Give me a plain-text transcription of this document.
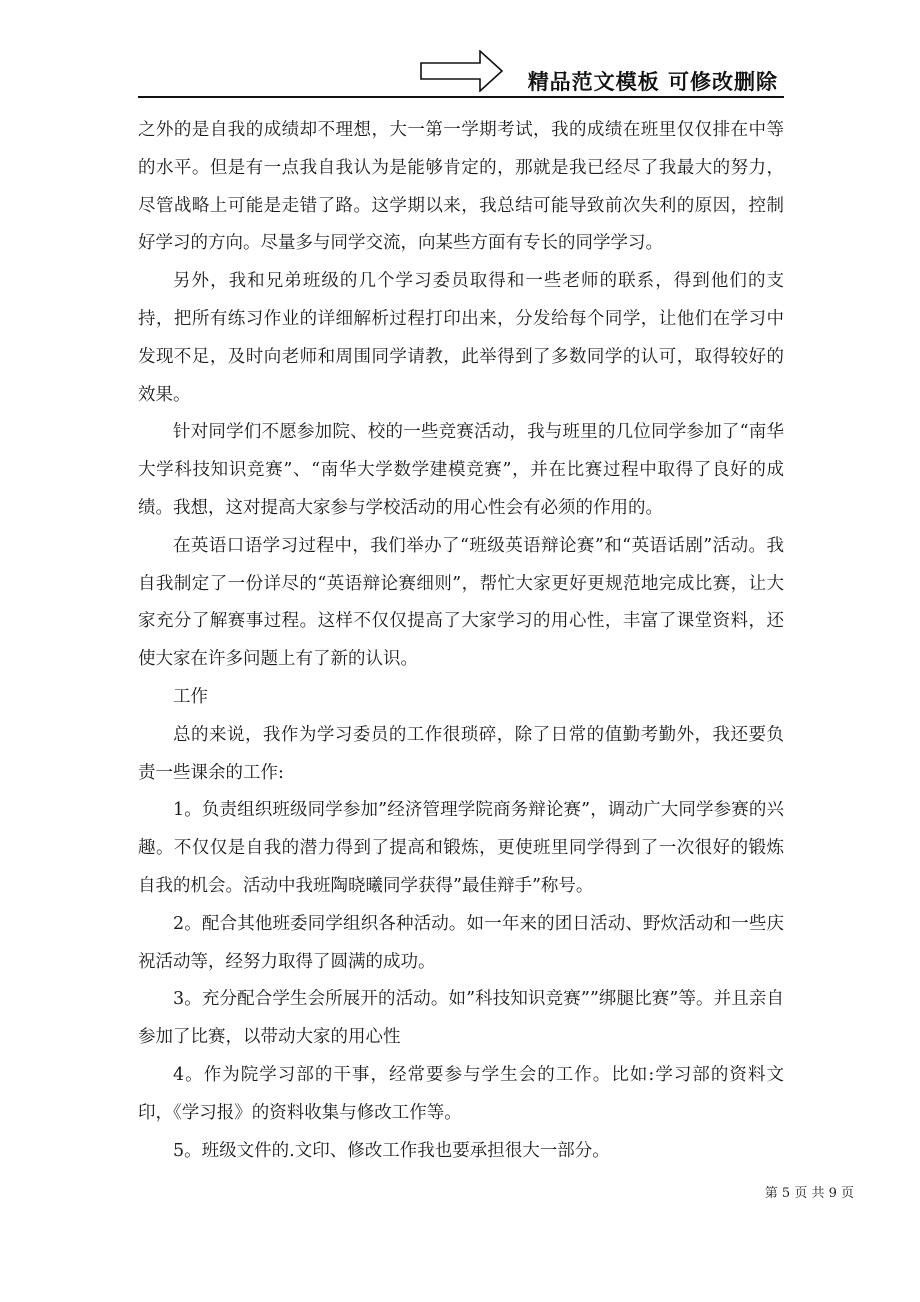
精品范文模板 可修改删除

之外的是自我的成绩却不理想，大一第一学期考试，我的成绩在班里仅仅排在中等的水平。但是有一点我自我认为是能够肯定的，那就是我已经尽了我最大的努力，尽管战略上可能是走错了路。这学期以来，我总结可能导致前次失利的原因，控制好学习的方向。尽量多与同学交流，向某些方面有专长的同学学习。

另外，我和兄弟班级的几个学习委员取得和一些老师的联系，得到他们的支持，把所有练习作业的详细解析过程打印出来，分发给每个同学，让他们在学习中发现不足，及时向老师和周围同学请教，此举得到了多数同学的认可，取得较好的效果。

针对同学们不愿参加院、校的一些竞赛活动，我与班里的几位同学参加了“南华大学科技知识竞赛”、“南华大学数学建模竞赛”，并在比赛过程中取得了良好的成绩。我想，这对提高大家参与学校活动的用心性会有必须的作用的。

在英语口语学习过程中，我们举办了“班级英语辩论赛”和“英语话剧”活动。我自我制定了一份详尽的“英语辩论赛细则”，帮忙大家更好更规范地完成比赛，让大家充分了解赛事过程。这样不仅仅提高了大家学习的用心性，丰富了课堂资料，还使大家在许多问题上有了新的认识。

工作

总的来说，我作为学习委员的工作很琐碎，除了日常的值勤考勤外，我还要负责一些课余的工作:

1。负责组织班级同学参加”经济管理学院商务辩论赛”，调动广大同学参赛的兴趣。不仅仅是自我的潜力得到了提高和锻炼，更使班里同学得到了一次很好的锻炼自我的机会。活动中我班陶晓曦同学获得”最佳辩手”称号。

2。配合其他班委同学组织各种活动。如一年来的团日活动、野炊活动和一些庆祝活动等，经努力取得了圆满的成功。

3。充分配合学生会所展开的活动。如”科技知识竞赛””绑腿比赛”等。并且亲自参加了比赛，以带动大家的用心性

4。作为院学习部的干事，经常要参与学生会的工作。比如:学习部的资料文印，《学习报》的资料收集与修改工作等。

5。班级文件的.文印、修改工作我也要承担很大一部分。

第 5 页 共 9 页
